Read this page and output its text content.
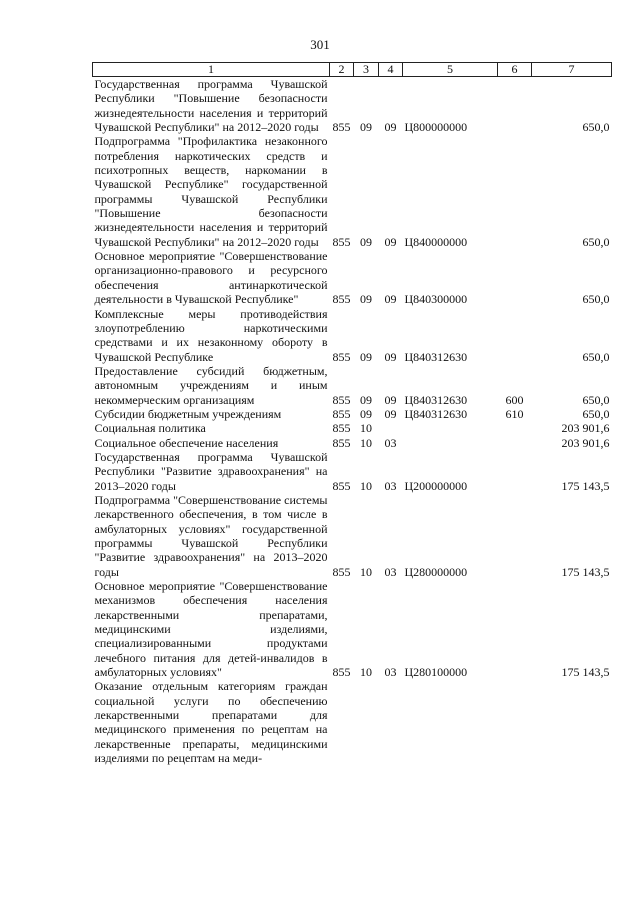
301
1	2	3	4	5	6	7
Государственная программа Чувашской Республики "Повышение безопасности жизнедеятельности населения и территорий Чувашской Республики" на 2012–2020 годы	855	09	09	Ц800000000		650,0
Подпрограмма "Профилактика незаконного потребления наркотических средств и психотропных веществ, наркомании в Чувашской Республике" государственной программы Чувашской Республики "Повышение безопасности жизнедеятельности населения и территорий Чувашской Республики" на 2012–2020 годы	855	09	09	Ц840000000		650,0
Основное мероприятие "Совершенствование организационно-правового и ресурсного обеспечения антинаркотической деятельности в Чувашской Республике"	855	09	09	Ц840300000		650,0
Комплексные меры противодействия злоупотреблению наркотическими средствами и их незаконному обороту в Чувашской Республике	855	09	09	Ц840312630		650,0
Предоставление субсидий бюджетным, автономным учреждениям и иным некоммерческим организациям	855	09	09	Ц840312630	600	650,0
Субсидии бюджетным учреждениям	855	09	09	Ц840312630	610	650,0
Социальная политика	855	10				203 901,6
Социальное обеспечение населения	855	10	03			203 901,6
Государственная программа Чувашской Республики "Развитие здравоохранения" на 2013–2020 годы	855	10	03	Ц200000000		175 143,5
Подпрограмма "Совершенствование системы лекарственного обеспечения, в том числе в амбулаторных условиях" государственной программы Чувашской Республики "Развитие здравоохранения" на 2013–2020 годы	855	10	03	Ц280000000		175 143,5
Основное мероприятие "Совершенствование механизмов обеспечения населения лекарственными препаратами, медицинскими изделиями, специализированными продуктами лечебного питания для детей-инвалидов в амбулаторных условиях"	855	10	03	Ц280100000		175 143,5
Оказание отдельным категориям граждан социальной услуги по обеспечению лекарственными препаратами для медицинского применения по рецептам на лекарственные препараты, медицинскими изделиями по рецептам на меди-						
